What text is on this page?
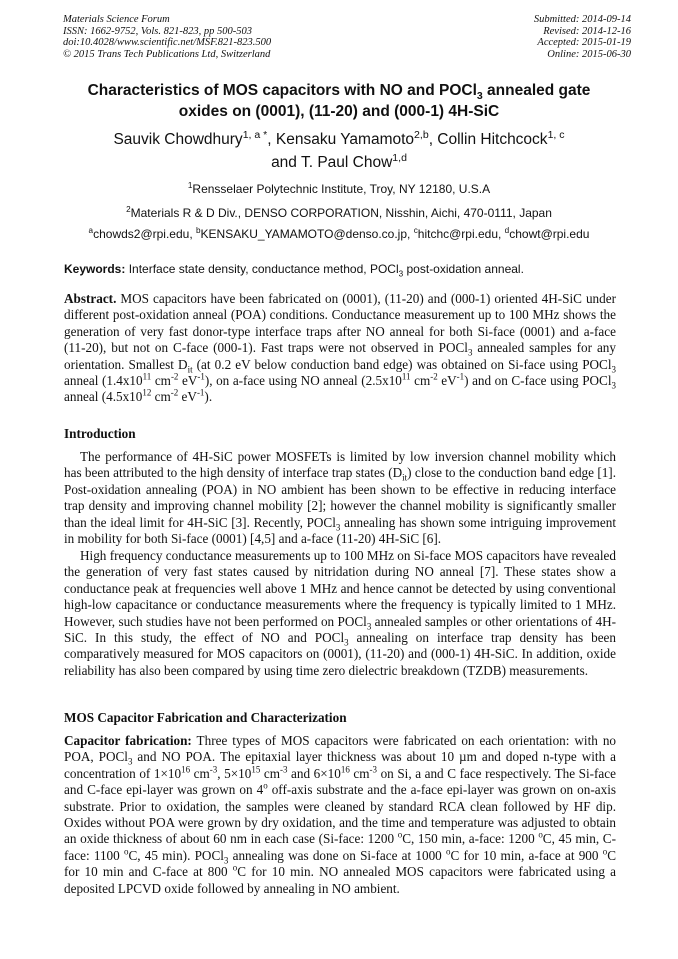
Materials Science Forum
ISSN: 1662-9752, Vols. 821-823, pp 500-503
doi:10.4028/www.scientific.net/MSF.821-823.500
© 2015 Trans Tech Publications Ltd, Switzerland
Submitted: 2014-09-14
Revised: 2014-12-16
Accepted: 2015-01-19
Online: 2015-06-30
Characteristics of MOS capacitors with NO and POCl$_3$ annealed gate
oxides on (0001), (11-20) and (000-1) 4H-SiC
Sauvik Chowdhury$^{1, a *}$, Kensaku Yamamoto$^{2,b}$, Collin Hitchcock$^{1, c}$
and T. Paul Chow$^{1,d}$
$^1$Rensselaer Polytechnic Institute, Troy, NY 12180, U.S.A
$^2$Materials R & D Div., DENSO CORPORATION, Nisshin, Aichi, 470-0111, Japan
$^a$chowds2@rpi.edu, $^b$KENSAKU_YAMAMOTO@denso.co.jp, $^c$hitchc@rpi.edu, $^d$chowt@rpi.edu
Keywords: Interface state density, conductance method, POCl$_3$ post-oxidation anneal.
Abstract. MOS capacitors have been fabricated on (0001), (11-20) and (000-1) oriented 4H-SiC under different post-oxidation anneal (POA) conditions. Conductance measurement up to 100 MHz shows the generation of very fast donor-type interface traps after NO anneal for both Si-face (0001) and a-face (11-20), but not on C-face (000-1). Fast traps were not observed in POCl$_3$ annealed samples for any orientation. Smallest $D_{it}$ (at 0.2 eV below conduction band edge) was obtained on Si-face using POCl$_3$ anneal ($1.4x10^{11}$ $cm^{-2}$ $eV^{-1}$), on a-face using NO anneal ($2.5x10^{11}$ $cm^{-2}$ $eV^{-1}$) and on C-face using POCl$_3$ anneal ($4.5x10^{12}$ $cm^{-2}$ $eV^{-1}$).
Introduction
The performance of 4H-SiC power MOSFETs is limited by low inversion channel mobility which has been attributed to the high density of interface trap states $(D_{it})$ close to the conduction band edge [1]. Post-oxidation annealing (POA) in NO ambient has been shown to be effective in reducing interface trap density and improving channel mobility [2]; however the channel mobility is significantly smaller than the ideal limit for 4H-SiC [3]. Recently, POCl$_3$ annealing has shown some intriguing improvement in mobility for both Si-face (0001) [4,5] and a-face (11-20) 4H-SiC [6].
High frequency conductance measurements up to 100 MHz on Si-face MOS capacitors have revealed the generation of very fast states caused by nitridation during NO anneal [7]. These states show a conductance peak at frequencies well above 1 MHz and hence cannot be detected by using conventional high-low capacitance or conductance measurements where the frequency is typically limited to 1 MHz. However, such studies have not been performed on POCl$_3$ annealed samples or other orientations of 4H-SiC. In this study, the effect of NO and POCl$_3$ annealing on interface trap density has been comparatively measured for MOS capacitors on (0001), (11-20) and (000-1) 4H-SiC. In addition, oxide reliability has also been compared by using time zero dielectric breakdown (TZDB) measurements.
MOS Capacitor Fabrication and Characterization
Capacitor fabrication: Three types of MOS capacitors were fabricated on each orientation: with no POA, POCl$_3$ and NO POA. The epitaxial layer thickness was about 10 µm and doped n-type with a concentration of $1\times 10^{16}$ $cm^{-3}$, $5\times 10^{15}$ $cm^{-3}$ and $6\times 10^{16}$ $cm^{-3}$ on Si, a and C face respectively. The Si-face and C-face epi-layer was grown on 4$^o$ off-axis substrate and the a-face epi-layer was grown on on-axis substrate. Prior to oxidation, the samples were cleaned by standard RCA clean followed by HF dip. Oxides without POA were grown by dry oxidation, and the time and temperature was adjusted to obtain an oxide thickness of about 60 nm in each case (Si-face: 1200 $^o$C, 150 min, a-face: 1200 $^o$C, 45 min, C-face: 1100 $^o$C, 45 min). POCl$_3$ annealing was done on Si-face at 1000 $^o$C for 10 min, a-face at 900 $^o$C for 10 min and C-face at 800 $^o$C for 10 min. NO annealed MOS capacitors were fabricated using a deposited LPCVD oxide followed by annealing in NO ambient.
